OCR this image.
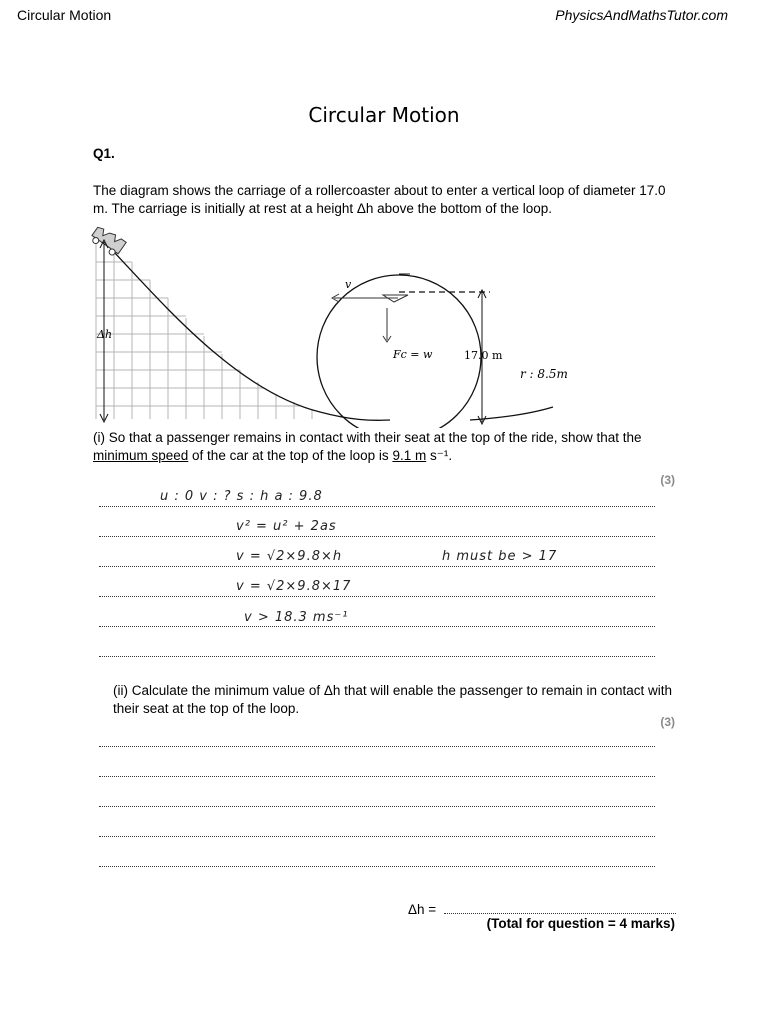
Circular Motion	PhysicsAndMathsTutor.com
Circular Motion
Q1.
The diagram shows the carriage of a rollercoaster about to enter a vertical loop of diameter 17.0 m. The carriage is initially at rest at a height Δh above the bottom of the loop.
Δh
17.0 m
v
Fc = w
r : 8.5m
(i) So that a passenger remains in contact with their seat at the top of the ride, show that the minimum speed of the car at the top of the loop is 9.1 m s⁻¹.
(3)
u : 0 v : ? s : h a : 9.8
v² = u² + 2as
v = √2×9.8×h	h must be > 17
v = √2×9.8×17
v > 18.3 ms⁻¹
(ii) Calculate the minimum value of Δh that will enable the passenger to remain in contact with their seat at the top of the loop.
(3)
Δh =
(Total for question = 4 marks)
